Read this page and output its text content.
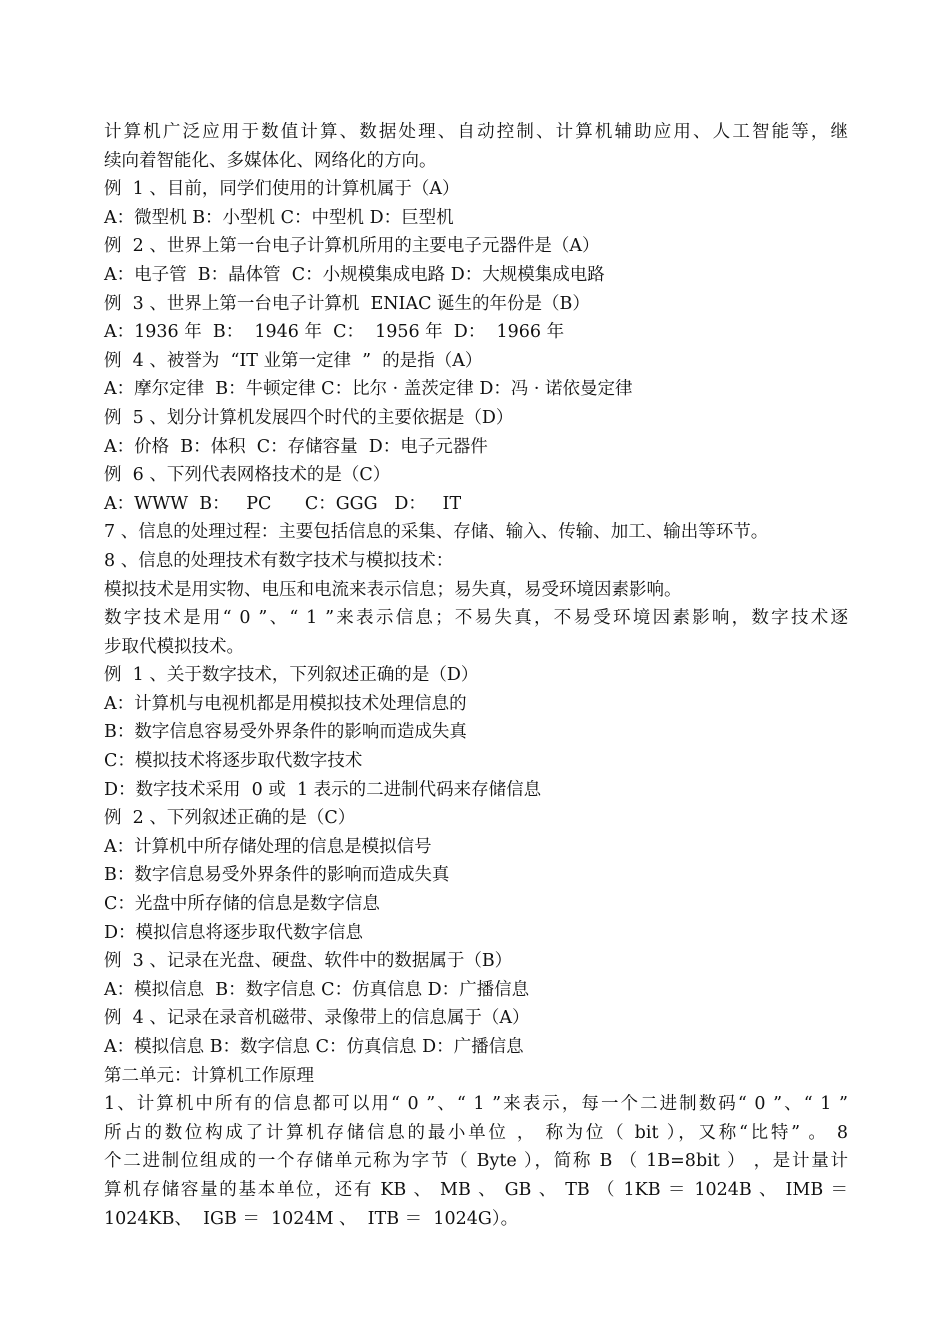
计算机广泛应用于数值计算、数据处理、自动控制、计算机辅助应用、人工智能等，继
续向着智能化、多媒体化、网络化的方向。
例  1 、目前，同学们使用的计算机属于（A）
A：微型机 B：小型机 C：中型机 D：巨型机
例  2 、世界上第一台电子计算机所用的主要电子元器件是（A）
A：电子管  B：晶体管  C：小规模集成电路 D：大规模集成电路
例  3 、世界上第一台电子计算机  ENIAC 诞生的年份是（B）
A：1936 年  B：  1946 年  C：  1956 年  D：  1966 年
例  4 、被誉为  “IT 业第一定律  ”  的是指（A）
A：摩尔定律  B：牛顿定律 C：比尔 · 盖茨定律 D：冯 · 诺依曼定律
例  5 、划分计算机发展四个时代的主要依据是（D）
A：价格  B：体积  C：存储容量  D：电子元器件
例  6 、下列代表网格技术的是（C）
A：WWW  B：   PC      C：GGG   D：   IT
7 、信息的处理过程：主要包括信息的采集、存储、输入、传输、加工、输出等环节。
8 、信息的处理技术有数字技术与模拟技术：
模拟技术是用实物、电压和电流来表示信息；易失真，易受环境因素影响。
数字技术是用“ 0 ”、“ 1 ”来表示信息；不易失真，不易受环境因素影响，数字技术逐
步取代模拟技术。
例  1 、关于数字技术，下列叙述正确的是（D）
A：计算机与电视机都是用模拟技术处理信息的
B：数字信息容易受外界条件的影响而造成失真
C：模拟技术将逐步取代数字技术
D：数字技术采用  0 或  1 表示的二进制代码来存储信息
例  2 、下列叙述正确的是（C）
A：计算机中所存储处理的信息是模拟信号
B：数字信息易受外界条件的影响而造成失真
C：光盘中所存储的信息是数字信息
D：模拟信息将逐步取代数字信息
例  3 、记录在光盘、硬盘、软件中的数据属于（B）
A：模拟信息  B：数字信息 C：仿真信息 D：广播信息
例  4 、记录在录音机磁带、录像带上的信息属于（A）
A：模拟信息 B：数字信息 C：仿真信息 D：广播信息
第二单元：计算机工作原理
1、计算机中所有的信息都可以用“ 0 ”、“ 1 ”来表示，每一个二进制数码“ 0 ”、“ 1 ”
所占的数位构成了计算机存储信息的最小单位 ， 称为位（ bit ），又称“比特” 。 8
个二进制位组成的一个存储单元称为字节（ Byte ），简称 B （ 1B=8bit ） ，是计量计
算机存储容量的基本单位，还有 KB 、 MB 、 GB 、 TB （ 1KB ＝ 1024B 、 IMB ＝
1024KB、  IGB ＝  1024M 、  ITB ＝  1024G）。
